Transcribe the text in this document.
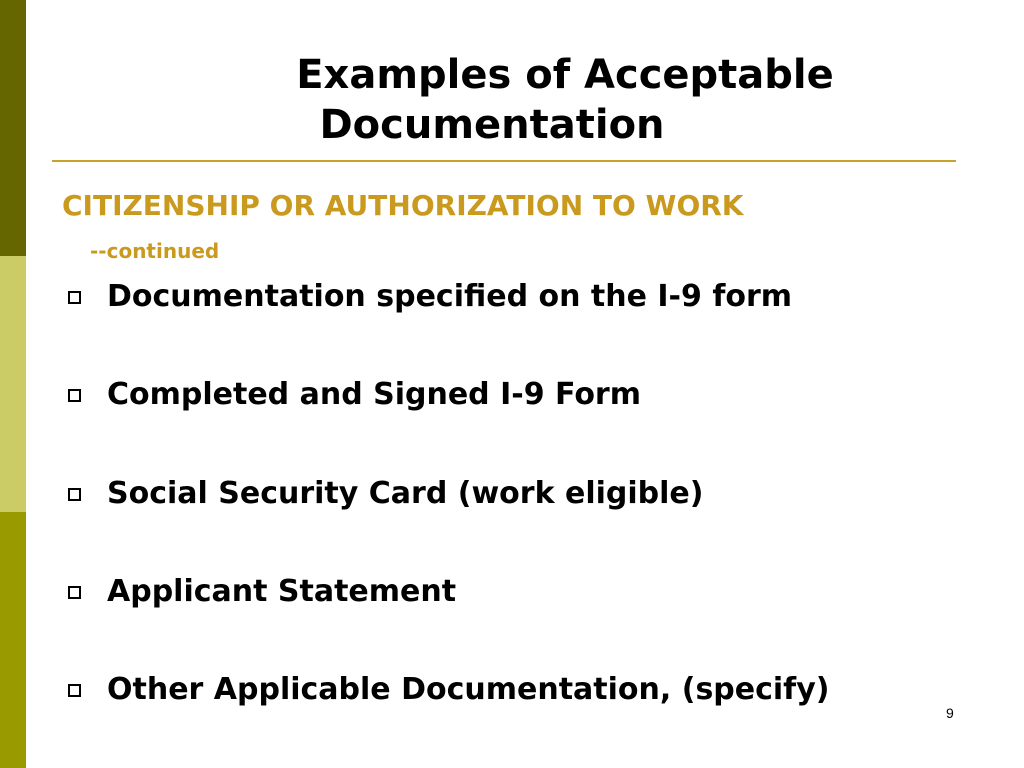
Examples of Acceptable
Documentation
CITIZENSHIP OR AUTHORIZATION TO WORK
--continued
Documentation specified on the I-9 form
Completed and Signed I-9 Form
Social Security Card (work eligible)
Applicant Statement
Other Applicable Documentation, (specify)
9
